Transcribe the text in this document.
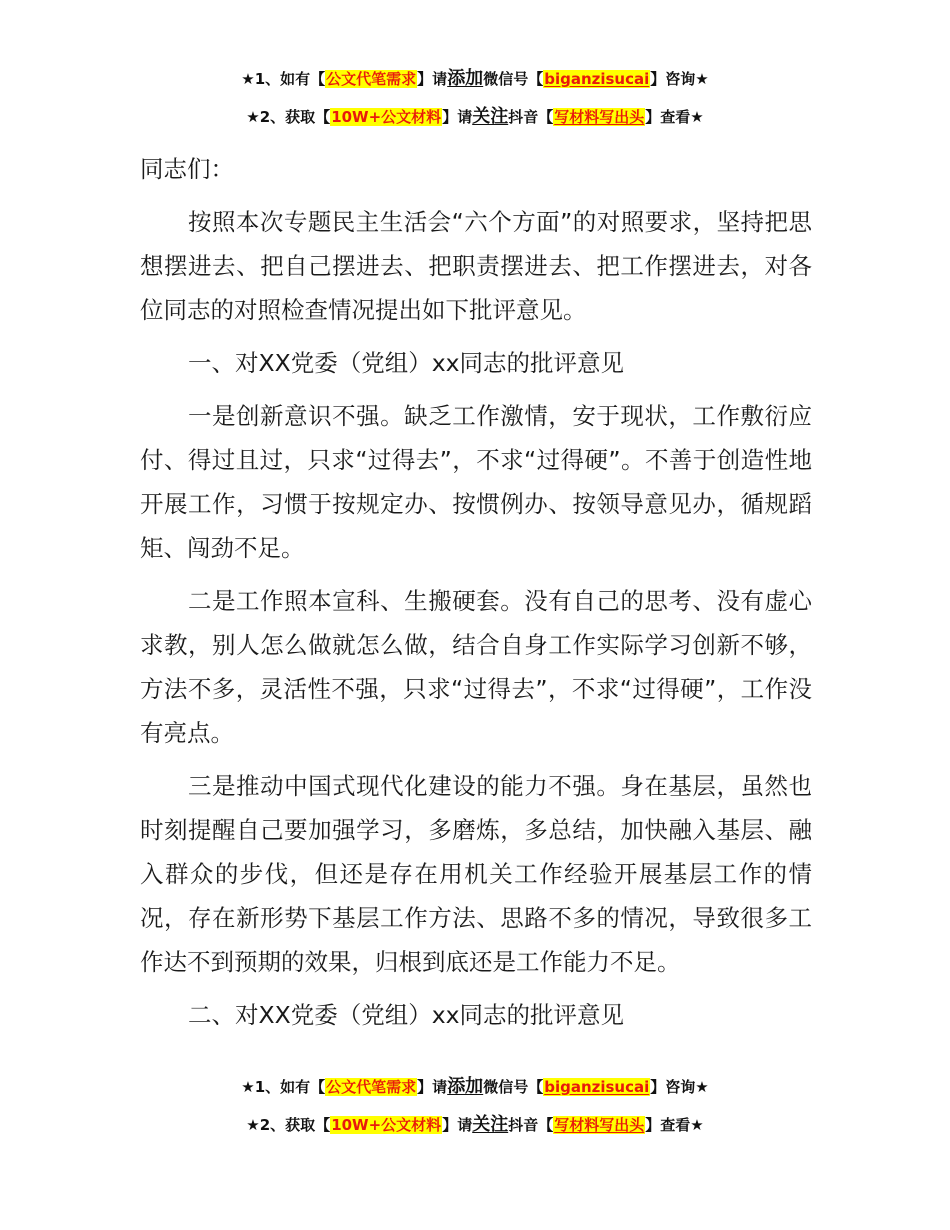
★1、如有【公文代笔需求】请添加微信号【biganzisucai】咨询★
★2、获取【10W+公文材料】请关注抖音【写材料写出头】查看★

同志们：

按照本次专题民主生活会“六个方面”的对照要求，坚持把思想摆进去、把自己摆进去、把职责摆进去、把工作摆进去，对各位同志的对照检查情况提出如下批评意见。

一、对XX党委（党组）xx同志的批评意见

一是创新意识不强。缺乏工作激情，安于现状，工作敷衍应付、得过且过，只求“过得去”，不求“过得硬”。不善于创造性地开展工作，习惯于按规定办、按惯例办、按领导意见办，循规蹈矩、闯劲不足。

二是工作照本宣科、生搬硬套。没有自己的思考、没有虚心求教，别人怎么做就怎么做，结合自身工作实际学习创新不够，方法不多，灵活性不强，只求“过得去”，不求“过得硬”，工作没有亮点。

三是推动中国式现代化建设的能力不强。身在基层，虽然也时刻提醒自己要加强学习，多磨炼，多总结，加快融入基层、融入群众的步伐，但还是存在用机关工作经验开展基层工作的情况，存在新形势下基层工作方法、思路不多的情况，导致很多工作达不到预期的效果，归根到底还是工作能力不足。

二、对XX党委（党组）xx同志的批评意见

★1、如有【公文代笔需求】请添加微信号【biganzisucai】咨询★
★2、获取【10W+公文材料】请关注抖音【写材料写出头】查看★
